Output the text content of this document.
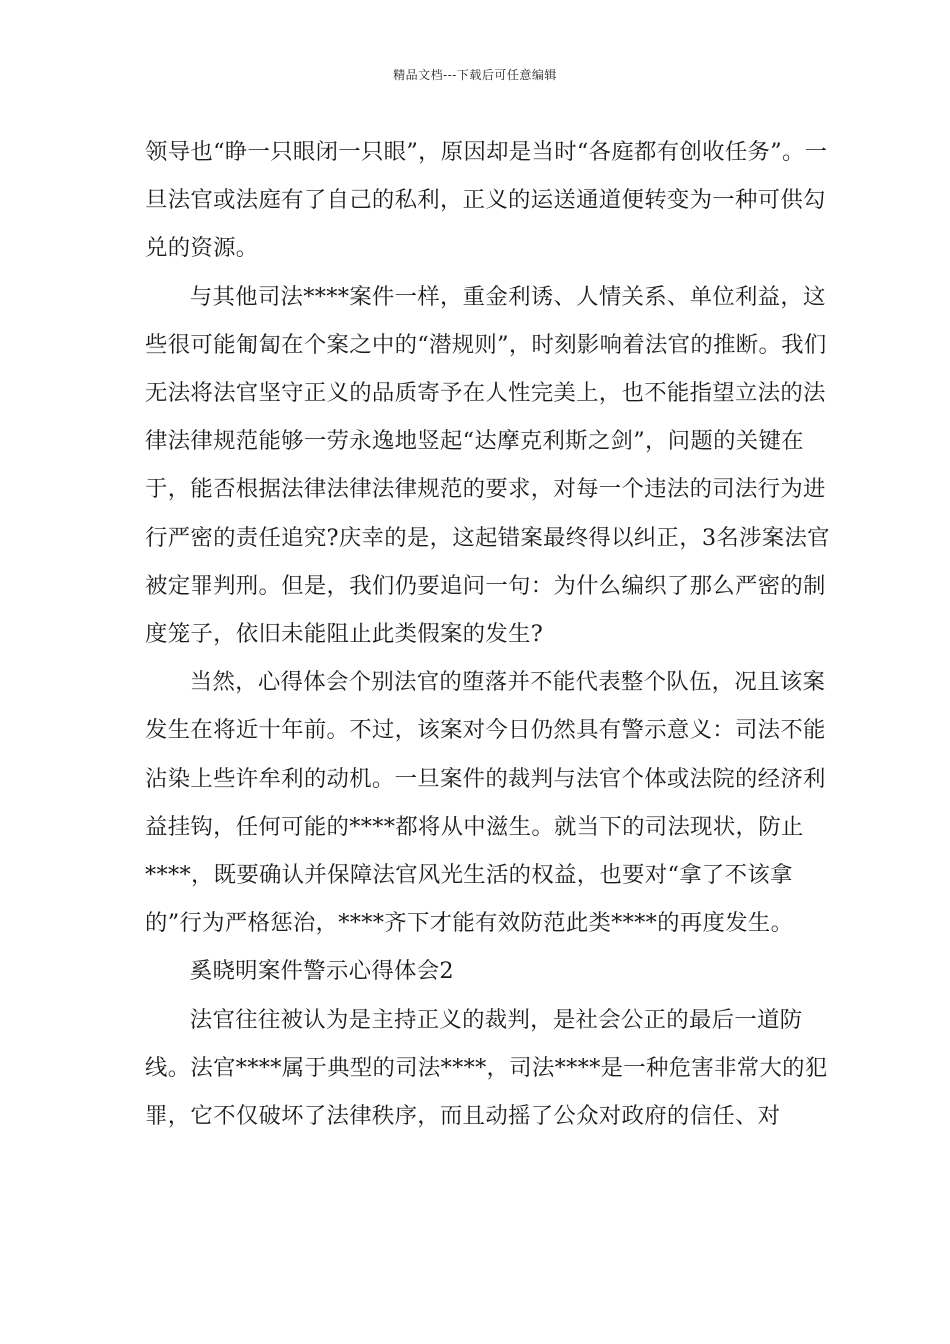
精品文档---下载后可任意编辑

领导也“睁一只眼闭一只眼”，原因却是当时“各庭都有创收任务”。一旦法官或法庭有了自己的私利，正义的运送通道便转变为一种可供勾兑的资源。

与其他司法****案件一样，重金利诱、人情关系、单位利益，这些很可能匍匐在个案之中的“潜规则”，时刻影响着法官的推断。我们无法将法官坚守正义的品质寄予在人性完美上，也不能指望立法的法律法律规范能够一劳永逸地竖起“达摩克利斯之剑”，问题的关键在于，能否根据法律法律法律规范的要求，对每一个违法的司法行为进行严密的责任追究?庆幸的是，这起错案最终得以纠正，3名涉案法官被定罪判刑。但是，我们仍要追问一句：为什么编织了那么严密的制度笼子，依旧未能阻止此类假案的发生?

当然，心得体会个别法官的堕落并不能代表整个队伍，况且该案发生在将近十年前。不过，该案对今日仍然具有警示意义：司法不能沾染上些许牟利的动机。一旦案件的裁判与法官个体或法院的经济利益挂钩，任何可能的****都将从中滋生。就当下的司法现状，防止****，既要确认并保障法官风光生活的权益，也要对“拿了不该拿的”行为严格惩治，****齐下才能有效防范此类****的再度发生。

奚晓明案件警示心得体会2

法官往往被认为是主持正义的裁判，是社会公正的最后一道防线。法官****属于典型的司法****，司法****是一种危害非常大的犯罪，它不仅破坏了法律秩序，而且动摇了公众对政府的信任、对
